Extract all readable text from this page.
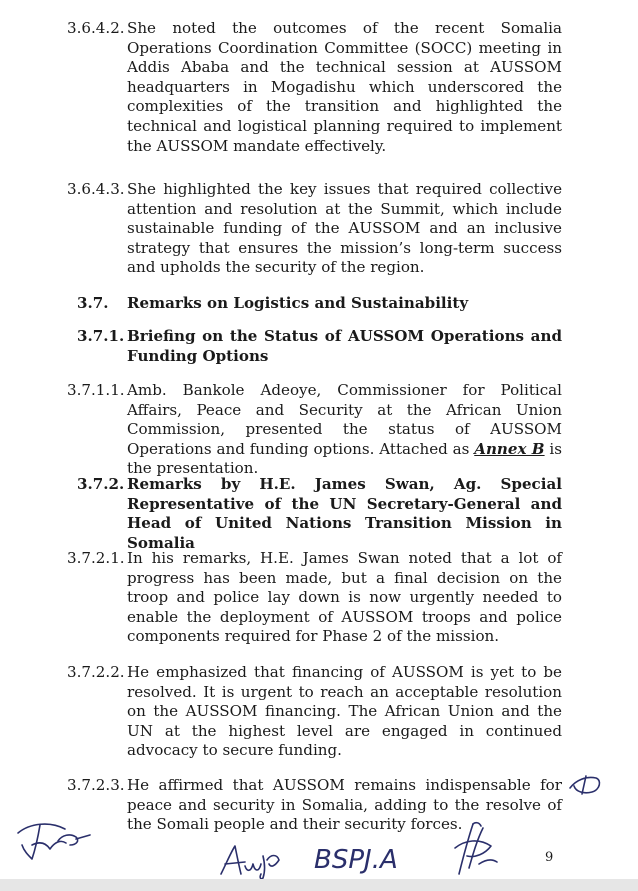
3.6.4.2. She noted the outcomes of the recent Somalia Operations Coordination Committee (SOCC) meeting in Addis Ababa and the technical session at AUSSOM headquarters in Mogadishu which underscored the complexities of the transition and highlighted the technical and logistical planning required to implement the AUSSOM mandate effectively.
3.6.4.3. She highlighted the key issues that required collective attention and resolution at the Summit, which include sustainable funding of the AUSSOM and an inclusive strategy that ensures the mission’s long-term success and upholds the security of the region.
3.7. Remarks on Logistics and Sustainability
3.7.1. Briefing on the Status of AUSSOM Operations and Funding Options
3.7.1.1. Amb. Bankole Adeoye, Commissioner for Political Affairs, Peace and Security at the African Union Commission, presented the status of AUSSOM Operations and funding options. Attached as Annex B is the presentation.
3.7.2. Remarks by H.E. James Swan, Ag. Special Representative of the UN Secretary-General and Head of United Nations Transition Mission in Somalia
3.7.2.1. In his remarks, H.E. James Swan noted that a lot of progress has been made, but a final decision on the troop and police lay down is now urgently needed to enable the deployment of AUSSOM troops and police components required for Phase 2 of the mission.
3.7.2.2. He emphasized that financing of AUSSOM is yet to be resolved. It is urgent to reach an acceptable resolution on the AUSSOM financing. The African Union and the UN at the highest level are engaged in continued advocacy to secure funding.
3.7.2.3. He affirmed that AUSSOM remains indispensable for peace and security in Somalia, adding to the resolve of the Somali people and their security forces.
BSPJ.A	9
